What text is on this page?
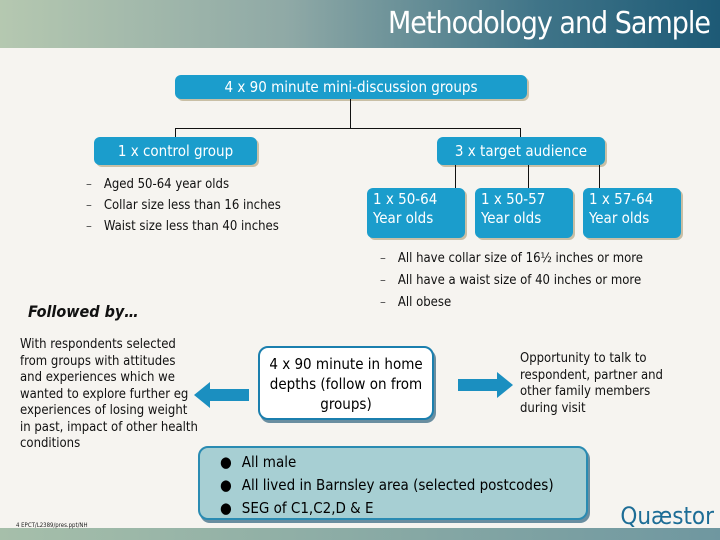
Methodology and Sample
4 x 90 minute mini-discussion groups
1 x control group	3 x target audience
1 x 50-64
Year olds
1 x 50-57
Year olds
1 x 57-64
Year olds
– Aged 50-64 year olds
– Collar size less than 16 inches
– Waist size less than 40 inches
– All have collar size of 16½ inches or more
– All have a waist size of 40 inches or more
– All obese
Followed by…
With respondents selected from groups with attitudes and experiences which we wanted to explore further eg experiences of losing weight in past, impact of other health conditions
4 x 90 minute in home depths (follow on from groups)
Opportunity to talk to respondent, partner and other family members during visit
● All male
● All lived in Barnsley area (selected postcodes)
● SEG of C1,C2,D & E
4 EPCT/L2389/pres.ppt/NH	Quæstor
